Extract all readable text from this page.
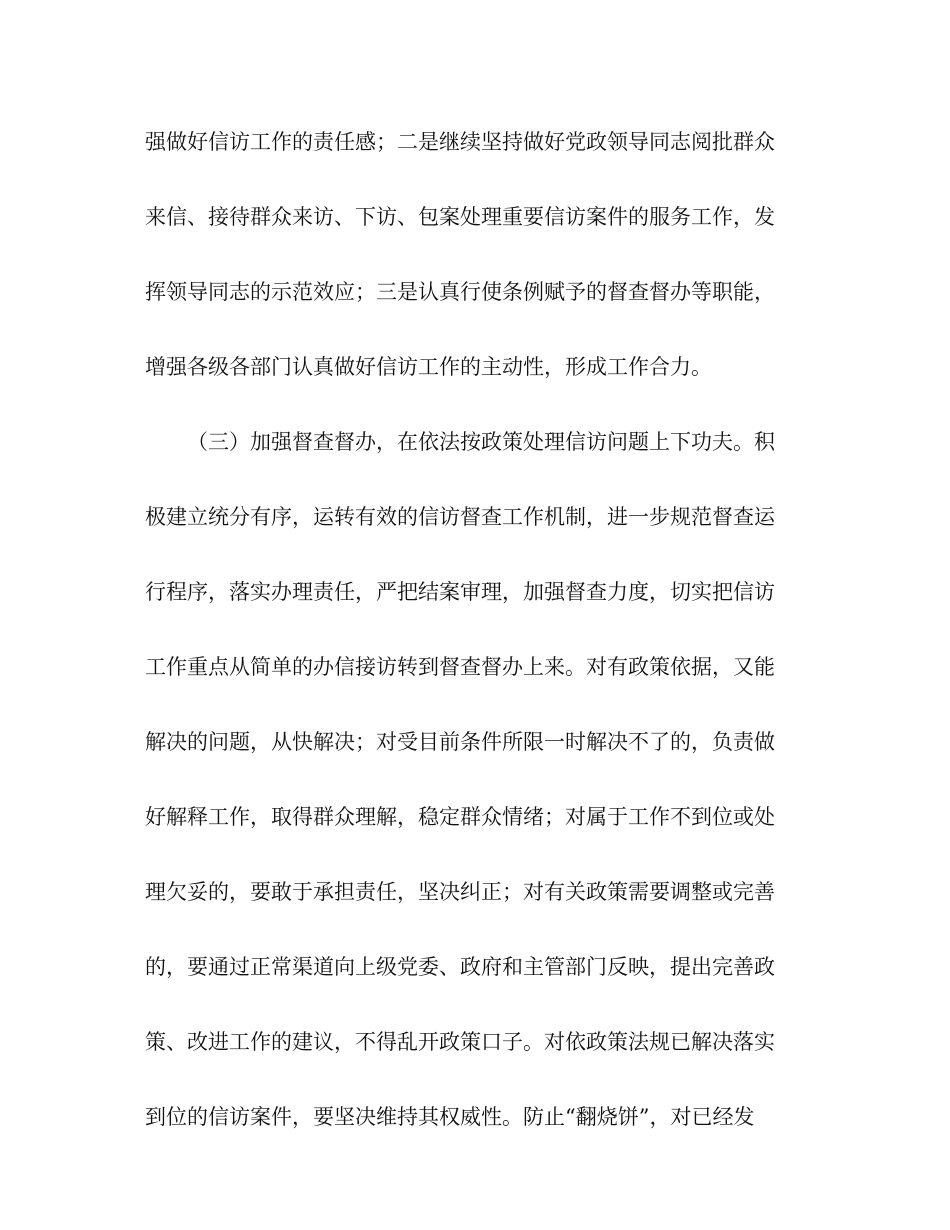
强做好信访工作的责任感；二是继续坚持做好党政领导同志阅批群众
来信、接待群众来访、下访、包案处理重要信访案件的服务工作，发
挥领导同志的示范效应；三是认真行使条例赋予的督查督办等职能，
增强各级各部门认真做好信访工作的主动性，形成工作合力。
（三）加强督查督办，在依法按政策处理信访问题上下功夫。积
极建立统分有序，运转有效的信访督查工作机制，进一步规范督查运
行程序，落实办理责任，严把结案审理，加强督查力度，切实把信访
工作重点从简单的办信接访转到督查督办上来。对有政策依据，又能
解决的问题，从快解决；对受目前条件所限一时解决不了的，负责做
好解释工作，取得群众理解，稳定群众情绪；对属于工作不到位或处
理欠妥的，要敢于承担责任，坚决纠正；对有关政策需要调整或完善
的，要通过正常渠道向上级党委、政府和主管部门反映，提出完善政
策、改进工作的建议，不得乱开政策口子。对依政策法规已解决落实
到位的信访案件，要坚决维持其权威性。防止“翻烧饼”，对已经发
